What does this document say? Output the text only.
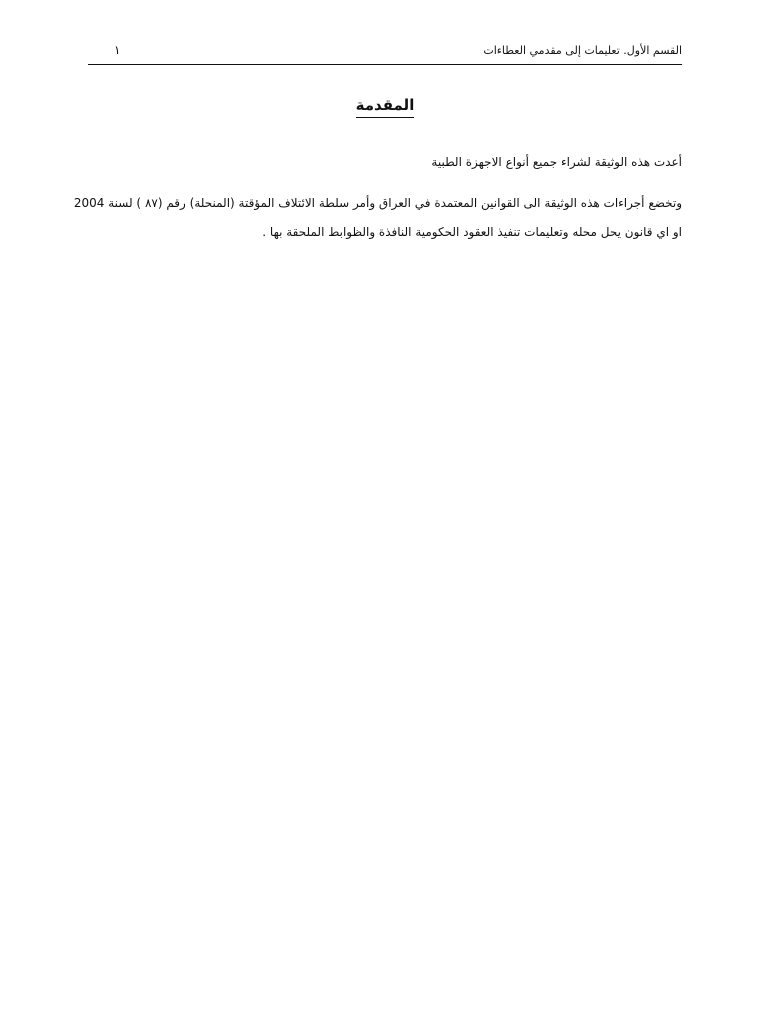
القسم الأول. تعليمات إلى مقدمي العطاءات
١
المقدمة
أعدت هذه الوثيقة لشراء جميع أنواع الاجهزة الطبية
وتخضع أجراءات هذه الوثيقة الى القوانين المعتمدة في العراق وأمر سلطة الائتلاف المؤقتة (المنحلة) رقم (٨٧ ) لسنة 2004
او اي قانون يحل محله وتعليمات تنفيذ العقود الحكومية النافذة والظوابط الملحقة بها .
